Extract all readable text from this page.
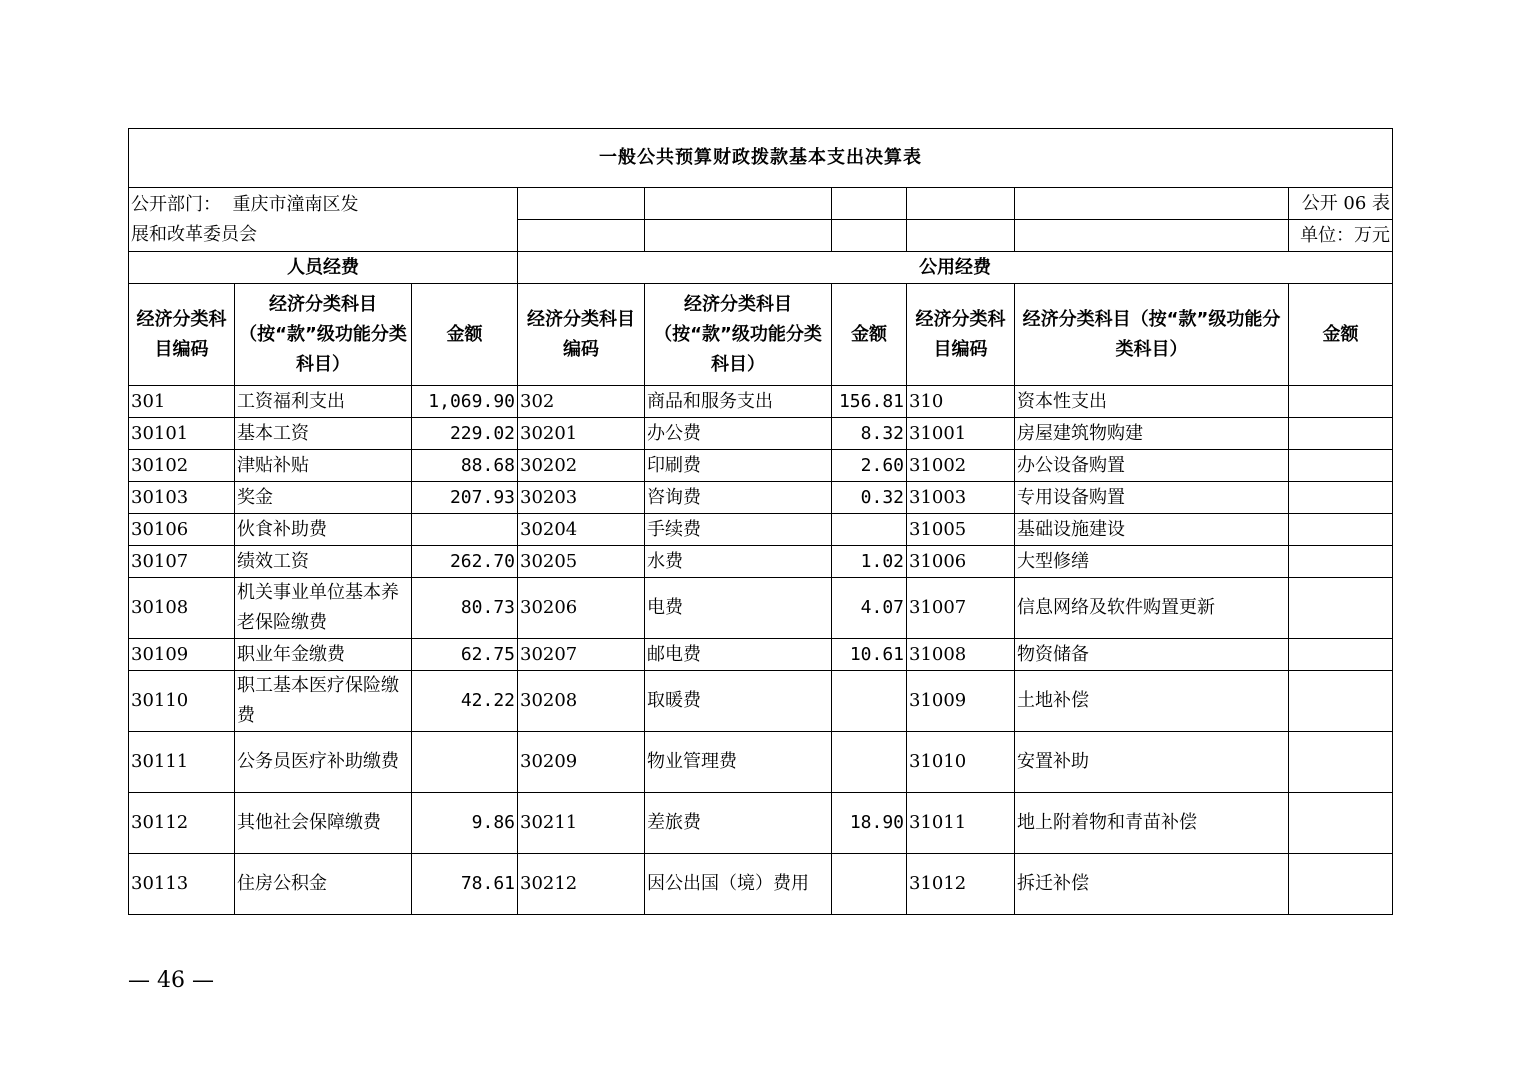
一般公共预算财政拨款基本支出决算表								
公开部门： 重庆市潼南区发
展和改革委员会								公开 06 表
								单位：万元
人员经费			公用经费					
经济分类科目编码	经济分类科目（按“款”级功能分类科目）	金额	经济分类科目编码	经济分类科目（按“款”级功能分类科目）	金额	经济分类科目编码	经济分类科目（按“款”级功能分类科目）	金额
301	工资福利支出	1,069.90	302	商品和服务支出	156.81	310	资本性支出	
30101	基本工资	229.02	30201	办公费	8.32	31001	房屋建筑物购建	
30102	津贴补贴	88.68	30202	印刷费	2.60	31002	办公设备购置	
30103	奖金	207.93	30203	咨询费	0.32	31003	专用设备购置	
30106	伙食补助费		30204	手续费		31005	基础设施建设	
30107	绩效工资	262.70	30205	水费	1.02	31006	大型修缮	
30108	机关事业单位基本养老保险缴费	80.73	30206	电费	4.07	31007	信息网络及软件购置更新	
30109	职业年金缴费	62.75	30207	邮电费	10.61	31008	物资储备	
30110	职工基本医疗保险缴费	42.22	30208	取暖费		31009	土地补偿	
30111	公务员医疗补助缴费		30209	物业管理费		31010	安置补助	
30112	其他社会保障缴费	9.86	30211	差旅费	18.90	31011	地上附着物和青苗补偿	
30113	住房公积金	78.61	30212	因公出国（境）费用		31012	拆迁补偿	
— 46 —
